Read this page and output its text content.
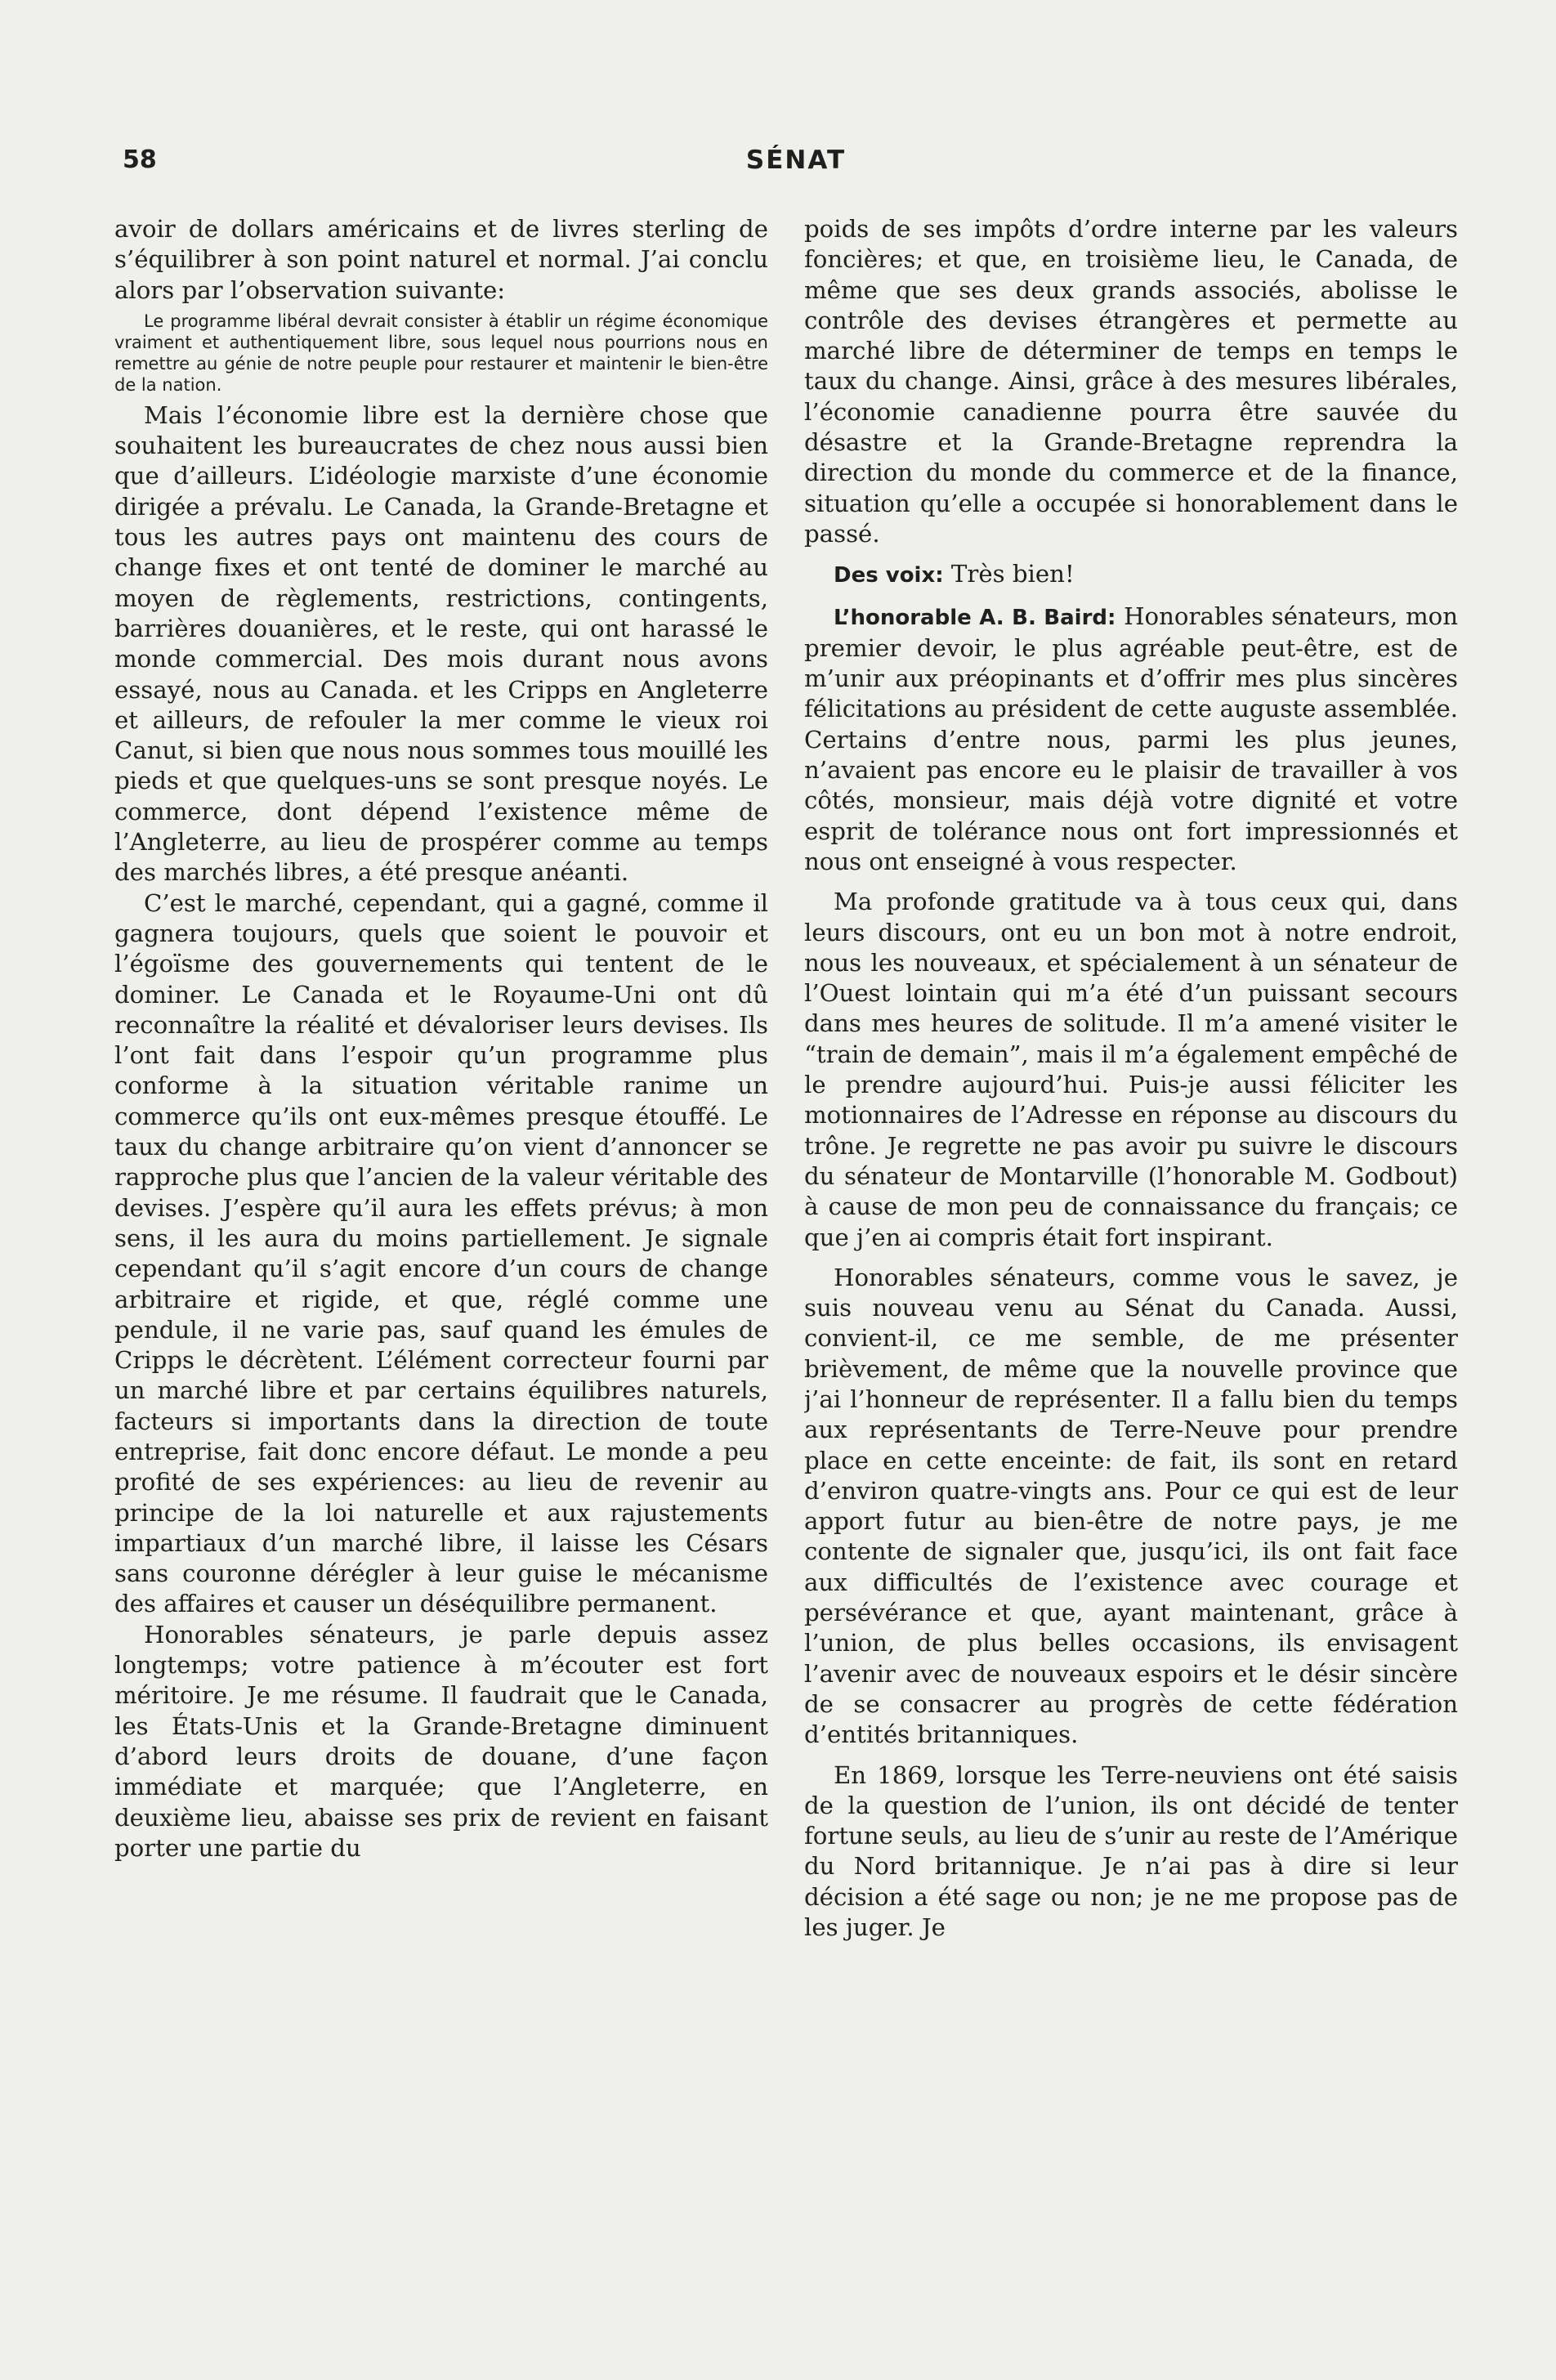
58	SÉNAT

avoir de dollars américains et de livres sterling de s’équilibrer à son point naturel et normal. J’ai conclu alors par l’observation suivante:

Le programme libéral devrait consister à établir un régime économique vraiment et authentiquement libre, sous lequel nous pourrions nous en remettre au génie de notre peuple pour restaurer et maintenir le bien-être de la nation.

Mais l’économie libre est la dernière chose que souhaitent les bureaucrates de chez nous aussi bien que d’ailleurs. L’idéologie marxiste d’une économie dirigée a prévalu. Le Canada, la Grande-Bretagne et tous les autres pays ont maintenu des cours de change fixes et ont tenté de dominer le marché au moyen de règlements, restrictions, contingents, barrières douanières, et le reste, qui ont harassé le monde commercial. Des mois durant nous avons essayé, nous au Canada. et les Cripps en Angleterre et ailleurs, de refouler la mer comme le vieux roi Canut, si bien que nous nous sommes tous mouillé les pieds et que quelques-uns se sont presque noyés. Le commerce, dont dépend l’existence même de l’Angleterre, au lieu de prospérer comme au temps des marchés libres, a été presque anéanti.

C’est le marché, cependant, qui a gagné, comme il gagnera toujours, quels que soient le pouvoir et l’égoïsme des gouvernements qui tentent de le dominer. Le Canada et le Royaume-Uni ont dû reconnaître la réalité et dévaloriser leurs devises. Ils l’ont fait dans l’espoir qu’un programme plus conforme à la situation véritable ranime un commerce qu’ils ont eux-mêmes presque étouffé. Le taux du change arbitraire qu’on vient d’annoncer se rapproche plus que l’ancien de la valeur véritable des devises. J’espère qu’il aura les effets prévus; à mon sens, il les aura du moins partiellement. Je signale cependant qu’il s’agit encore d’un cours de change arbitraire et rigide, et que, réglé comme une pendule, il ne varie pas, sauf quand les émules de Cripps le décrètent. L’élément correcteur fourni par un marché libre et par certains équilibres naturels, facteurs si importants dans la direction de toute entreprise, fait donc encore défaut. Le monde a peu profité de ses expériences: au lieu de revenir au principe de la loi naturelle et aux rajustements impartiaux d’un marché libre, il laisse les Césars sans couronne dérégler à leur guise le mécanisme des affaires et causer un déséquilibre permanent.

Honorables sénateurs, je parle depuis assez longtemps; votre patience à m’écouter est fort méritoire. Je me résume. Il faudrait que le Canada, les États-Unis et la Grande-Bretagne diminuent d’abord leurs droits de douane, d’une façon immédiate et marquée; que l’Angleterre, en deuxième lieu, abaisse ses prix de revient en faisant porter une partie du

poids de ses impôts d’ordre interne par les valeurs foncières; et que, en troisième lieu, le Canada, de même que ses deux grands associés, abolisse le contrôle des devises étrangères et permette au marché libre de déterminer de temps en temps le taux du change. Ainsi, grâce à des mesures libérales, l’économie canadienne pourra être sauvée du désastre et la Grande-Bretagne reprendra la direction du monde du commerce et de la finance, situation qu’elle a occupée si honorablement dans le passé.

Des voix: Très bien!

L’honorable A. B. Baird: Honorables sénateurs, mon premier devoir, le plus agréable peut-être, est de m’unir aux préopinants et d’offrir mes plus sincères félicitations au président de cette auguste assemblée. Certains d’entre nous, parmi les plus jeunes, n’avaient pas encore eu le plaisir de travailler à vos côtés, monsieur, mais déjà votre dignité et votre esprit de tolérance nous ont fort impressionnés et nous ont enseigné à vous respecter.

Ma profonde gratitude va à tous ceux qui, dans leurs discours, ont eu un bon mot à notre endroit, nous les nouveaux, et spécialement à un sénateur de l’Ouest lointain qui m’a été d’un puissant secours dans mes heures de solitude. Il m’a amené visiter le “train de demain”, mais il m’a également empêché de le prendre aujourd’hui. Puis-je aussi féliciter les motionnaires de l’Adresse en réponse au discours du trône. Je regrette ne pas avoir pu suivre le discours du sénateur de Montarville (l’honorable M. Godbout) à cause de mon peu de connaissance du français; ce que j’en ai compris était fort inspirant.

Honorables sénateurs, comme vous le savez, je suis nouveau venu au Sénat du Canada. Aussi, convient-il, ce me semble, de me présenter brièvement, de même que la nouvelle province que j’ai l’honneur de représenter. Il a fallu bien du temps aux représentants de Terre-Neuve pour prendre place en cette enceinte: de fait, ils sont en retard d’environ quatre-vingts ans. Pour ce qui est de leur apport futur au bien-être de notre pays, je me contente de signaler que, jusqu’ici, ils ont fait face aux difficultés de l’existence avec courage et persévérance et que, ayant maintenant, grâce à l’union, de plus belles occasions, ils envisagent l’avenir avec de nouveaux espoirs et le désir sincère de se consacrer au progrès de cette fédération d’entités britanniques.

En 1869, lorsque les Terre-neuviens ont été saisis de la question de l’union, ils ont décidé de tenter fortune seuls, au lieu de s’unir au reste de l’Amérique du Nord britannique. Je n’ai pas à dire si leur décision a été sage ou non; je ne me propose pas de les juger. Je
